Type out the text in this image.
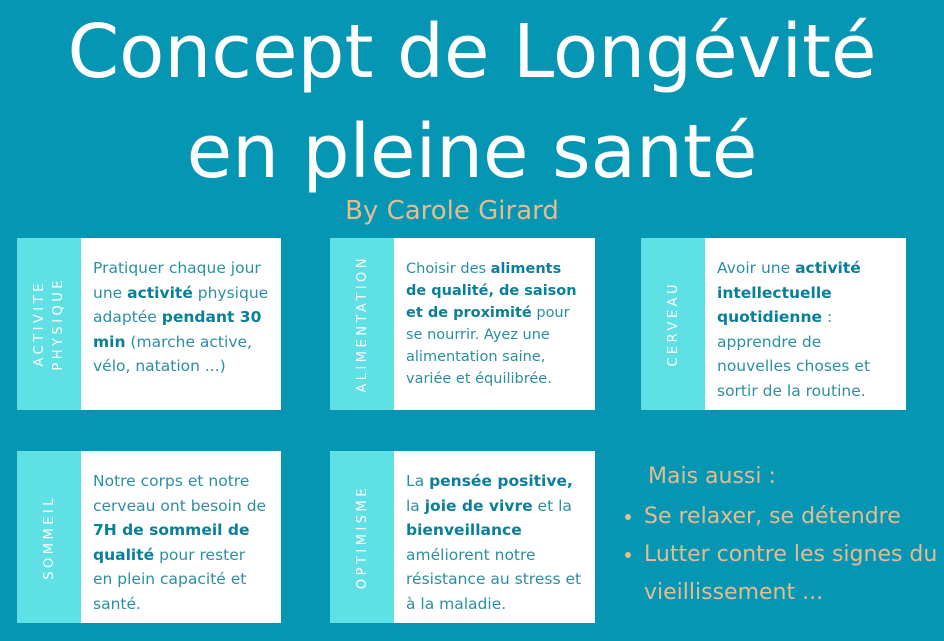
Concept de Longévité
en pleine santé
By Carole Girard
ACTIVITE
PHYSIQUE
Pratiquer chaque jour une activité physique adaptée pendant 30 min (marche active, vélo, natation ...)	ALIMENTATION	Choisir des aliments de qualité, de saison et de proximité pour se nourrir. Ayez une alimentation saine, variée et équilibrée.
CERVEAU
Avoir une activité intellectuelle quotidienne : apprendre de nouvelles choses et sortir de la routine.
SOMMEIL
Notre corps et notre cerveau ont besoin de 7H de sommeil de qualité pour rester en plein capacité et santé.
OPTIMISME
La pensée positive, la joie de vivre et la bienveillance améliorent notre résistance au stress et à la maladie.
Mais aussi :
• Se relaxer, se détendre
• Lutter contre les signes du vieillissement ...
